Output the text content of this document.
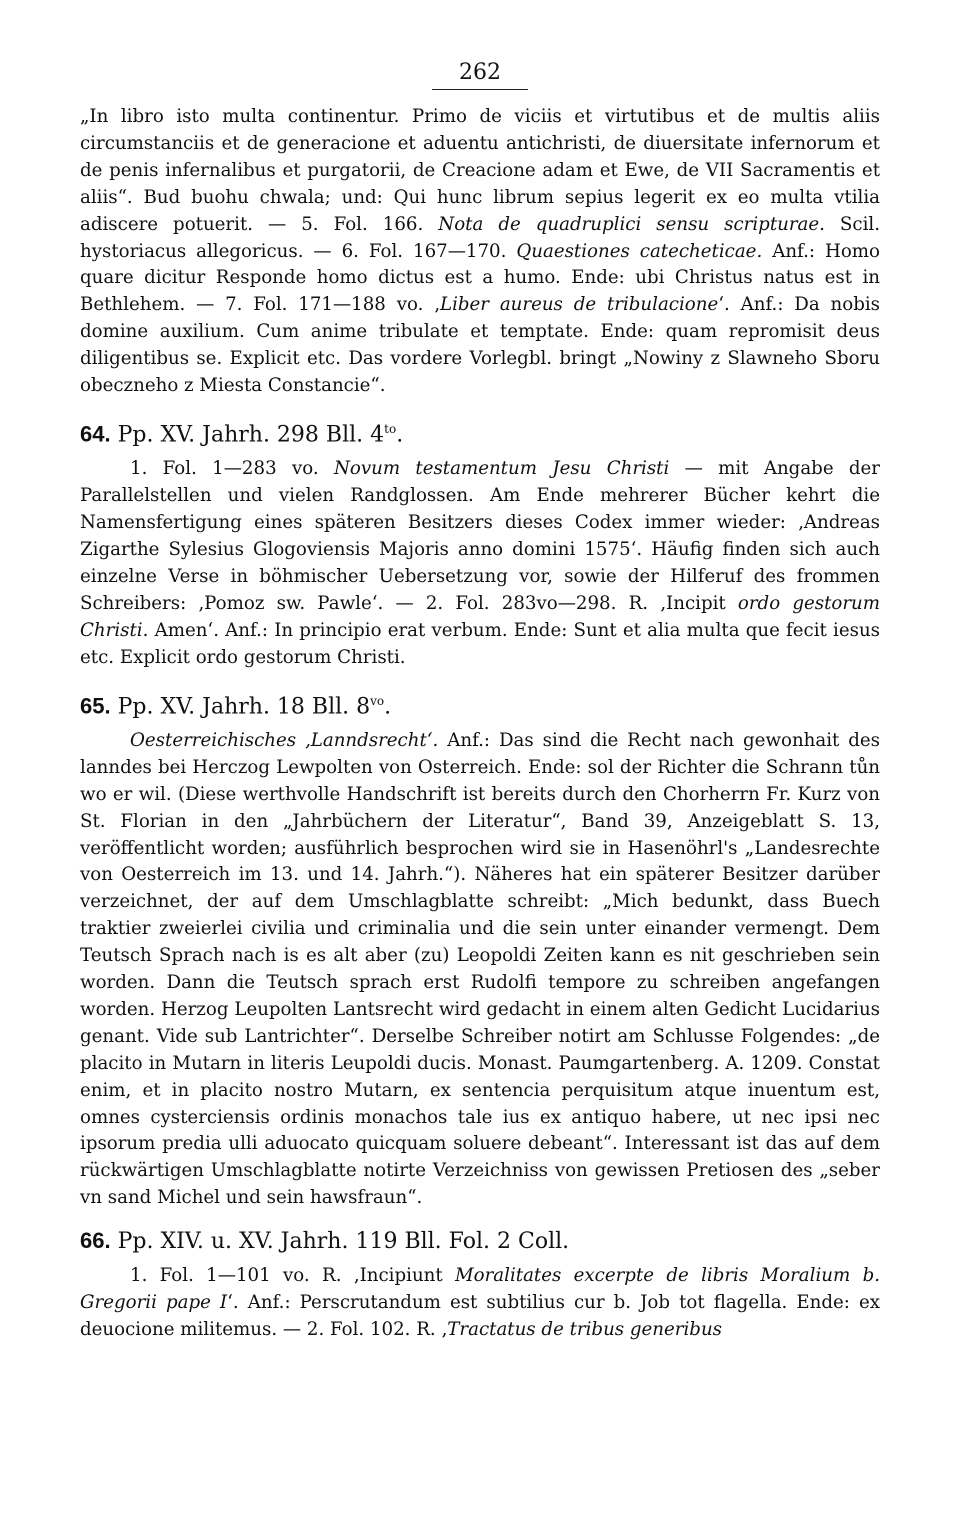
262

„In libro isto multa continentur. Primo de viciis et virtutibus et de multis aliis circumstanciis et de generacione et aduentu antichristi, de diuersitate infernorum et de penis infernalibus et purgatorii, de Creacione adam et Ewe, de VII Sacramentis et aliis“. Bud buohu chwala; und: Qui hunc librum sepius legerit ex eo multa vtilia adiscere potuerit. — 5. Fol. 166. Nota de quadruplici sensu scripturae. Scil. hystoriacus allegoricus. — 6. Fol. 167—170. Quaestiones catecheticae. Anf.: Homo quare dicitur Responde homo dictus est a humo. Ende: ubi Christus natus est in Bethlehem. — 7. Fol. 171—188 vo. ‚Liber aureus de tribulacione‘. Anf.: Da nobis domine auxilium. Cum anime tribulate et temptate. Ende: quam repromisit deus diligentibus se. Explicit etc. Das vordere Vorlegbl. bringt „Nowiny z Slawneho Sboru obeczneho z Miesta Constancie“.

64. Pp. XV. Jahrh. 298 Bll. $4^{to}$.

1. Fol. 1—283 vo. Novum testamentum Jesu Christi — mit Angabe der Parallelstellen und vielen Randglossen. Am Ende mehrerer Bücher kehrt die Namensfertigung eines späteren Besitzers dieses Codex immer wieder: ‚Andreas Zigarthe Sylesius Glogoviensis Majoris anno domini 1575‘. Häufig finden sich auch einzelne Verse in böhmischer Uebersetzung vor, sowie der Hilferuf des frommen Schreibers: ‚Pomoz sw. Pawle‘. — 2. Fol. 283vo—298. R. ‚Incipit ordo gestorum Christi. Amen‘. Anf.: In principio erat verbum. Ende: Sunt et alia multa que fecit iesus etc. Explicit ordo gestorum Christi.

65. Pp. XV. Jahrh. 18 Bll. $8^{vo}$.

Oesterreichisches ‚Lanndsrecht‘. Anf.: Das sind die Recht nach gewonhait des lanndes bei Herczog Lewpolten von Osterreich. Ende: sol der Richter die Schrann tůn wo er wil. (Diese werthvolle Handschrift ist bereits durch den Chorherrn Fr. Kurz von St. Florian in den „Jahrbüchern der Literatur“, Band 39, Anzeigeblatt S. 13, veröffentlicht worden; ausführlich besprochen wird sie in Hasenöhrl's „Landesrechte von Oesterreich im 13. und 14. Jahrh.“). Näheres hat ein späterer Besitzer darüber verzeichnet, der auf dem Umschlagblatte schreibt: „Mich bedunkt, dass Buech traktier zweierlei civilia und criminalia und die sein unter einander vermengt. Dem Teutsch Sprach nach is es alt aber (zu) Leopoldi Zeiten kann es nit geschrieben sein worden. Dann die Teutsch sprach erst Rudolfi tempore zu schreiben angefangen worden. Herzog Leupolten Lantsrecht wird gedacht in einem alten Gedicht Lucidarius genant. Vide sub Lantrichter“. Derselbe Schreiber notirt am Schlusse Folgendes: „de placito in Mutarn in literis Leupoldi ducis. Monast. Paumgartenberg. A. 1209. Constat enim, et in placito nostro Mutarn, ex sentencia perquisitum atque inuentum est, omnes cysterciensis ordinis monachos tale ius ex antiquo habere, ut nec ipsi nec ipsorum predia ulli aduocato quicquam soluere debeant“. Interessant ist das auf dem rückwärtigen Umschlagblatte notirte Verzeichniss von gewissen Pretiosen des „seber vn sand Michel und sein hawsfraun“.

66. Pp. XIV. u. XV. Jahrh. 119 Bll. Fol. 2 Coll.

1. Fol. 1—101 vo. R. ‚Incipiunt Moralitates excerpte de libris Moralium b. Gregorii pape I‘. Anf.: Perscrutandum est subtilius cur b. Job tot flagella. Ende: ex deuocione militemus. — 2. Fol. 102. R. ‚Tractatus de tribus generibus
